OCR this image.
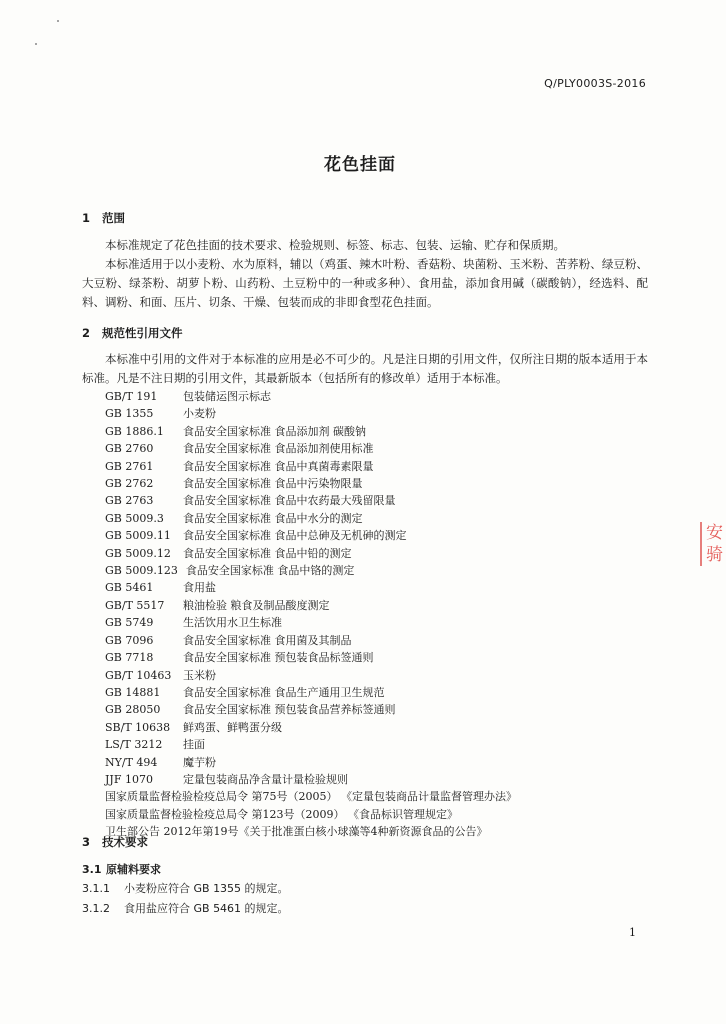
Q/PLY0003S-2016
花色挂面
1 范围

本标准规定了花色挂面的技术要求、检验规则、标签、标志、包装、运输、贮存和保质期。

本标准适用于以小麦粉、水为原料，辅以（鸡蛋、辣木叶粉、香菇粉、块菌粉、玉米粉、苦荞粉、绿豆粉、大豆粉、绿茶粉、胡萝卜粉、山药粉、土豆粉中的一种或多种）、食用盐，添加食用碱（碳酸钠），经选料、配料、调粉、和面、压片、切条、干燥、包装而成的非即食型花色挂面。

2 规范性引用文件

本标准中引用的文件对于本标准的应用是必不可少的。凡是注日期的引用文件，仅所注日期的版本适用于本标准。凡是不注日期的引用文件，其最新版本（包括所有的修改单）适用于本标准。

GB/T 191 包装储运图示标志
GB 1355	小麦粉
GB 1886.1 食品安全国家标准 食品添加剂 碳酸钠
GB 2760	食品安全国家标准 食品添加剂使用标准
GB 2761	食品安全国家标准 食品中真菌毒素限量
GB 2762	食品安全国家标准 食品中污染物限量
GB 2763	食品安全国家标准 食品中农药最大残留限量
GB 5009.3 食品安全国家标准 食品中水分的测定
GB 5009.11 食品安全国家标准 食品中总砷及无机砷的测定
GB 5009.12 食品安全国家标准 食品中铅的测定
GB 5009.123 食品安全国家标准 食品中铬的测定
GB 5461	食用盐
GB/T 5517 粮油检验 粮食及制品酸度测定
GB 5749	生活饮用水卫生标准
GB 7096	食品安全国家标准 食用菌及其制品
GB 7718	食品安全国家标准 预包装食品标签通则
GB/T 10463 玉米粉
GB 14881 食品安全国家标准 食品生产通用卫生规范
GB 28050 食品安全国家标准 预包装食品营养标签通则
SB/T 10638 鲜鸡蛋、鲜鸭蛋分级
LS/T 3212 挂面
NY/T 494 魔芋粉
JJF 1070	定量包装商品净含量计量检验规则
国家质量监督检验检疫总局令 第75号（2005） 《定量包装商品计量监督管理办法》
国家质量监督检验检疫总局令 第123号（2009） 《食品标识管理规定》
卫生部公告 2012年第19号《关于批准蛋白核小球藻等4种新资源食品的公告》
3 技术要求
3.1 原辅料要求
3.1.1 小麦粉应符合 GB 1355 的规定。
3.1.2 食用盐应符合 GB 5461 的规定。
1
安
骑
